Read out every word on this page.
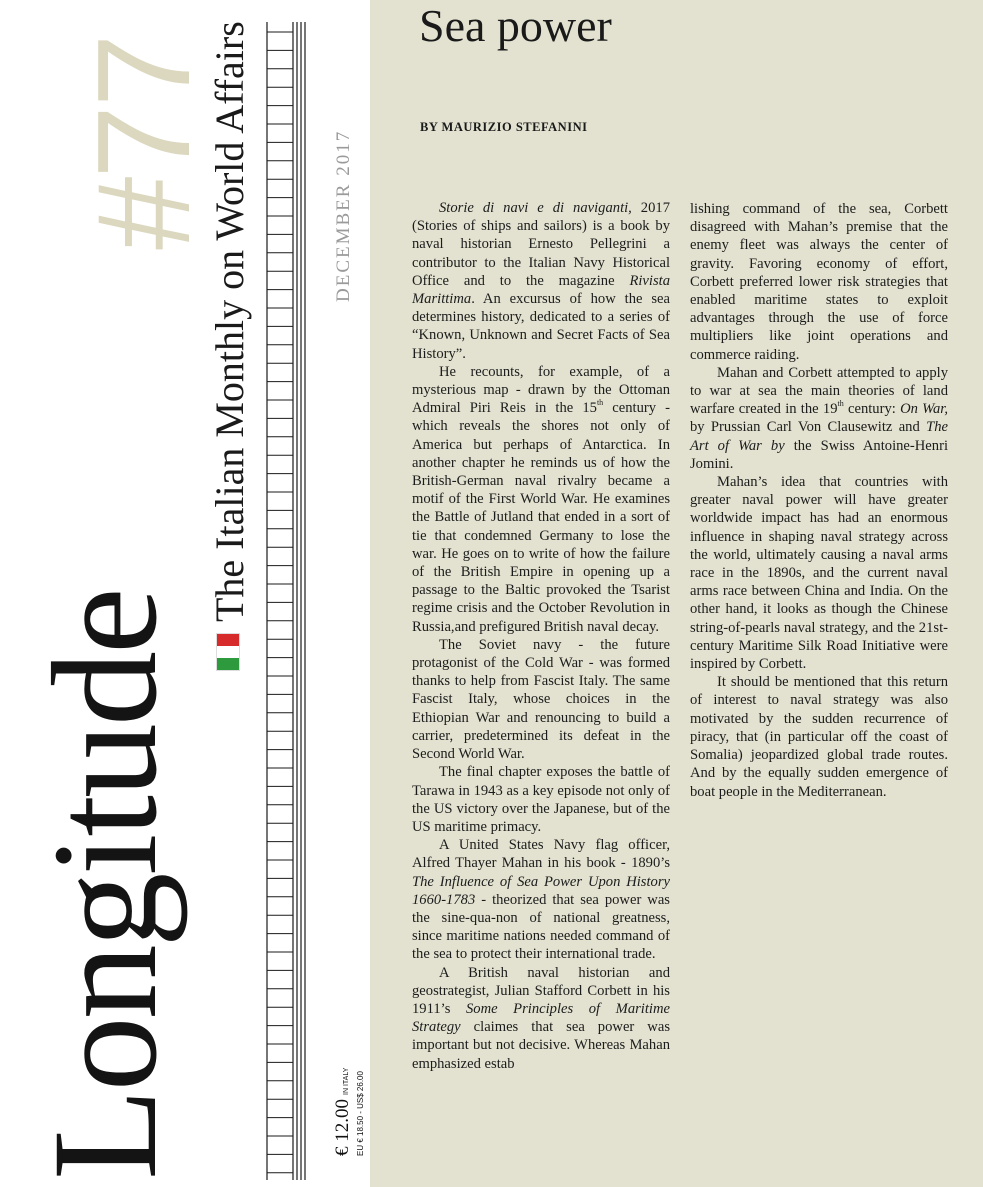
#77
Longitude
The Italian Monthly on World Affairs	DECEMBER 2017
€ 12.00 IN ITALY EU € 18.50 - US$ 26.00
Sea power
BY MAURIZIO STEFANINI

Storie di navi e di naviganti, 2017 (Stories of ships and sailors) is a book by naval historian Ernesto Pellegrini a contributor to the Italian Navy Historical Office and to the magazine Rivista Marittima. An excursus of how the sea determines history, dedicated to a series of “Known, Unknown and Secret Facts of Sea History”.

He recounts, for example, of a mysterious map - drawn by the Ottoman Admiral Piri Reis in the 15th century - which reveals the shores not only of America but perhaps of Antarctica. In another chapter he reminds us of how the British-German naval rivalry became a motif of the First World War. He examines the Battle of Jutland that ended in a sort of tie that condemned Germany to lose the war. He goes on to write of how the failure of the British Empire in opening up a passage to the Baltic provoked the Tsarist regime crisis and the October Revolution in Russia,and prefigured British naval decay.

The Soviet navy - the future protagonist of the Cold War - was formed thanks to help from Fascist Italy. The same Fascist Italy, whose choices in the Ethiopian War and renouncing to build a carrier, predetermined its defeat in the Second World War.

The final chapter exposes the battle of Tarawa in 1943 as a key episode not only of the US victory over the Japanese, but of the US maritime primacy.

A United States Navy flag officer, Alfred Thayer Mahan in his book - 1890’s The Influence of Sea Power Upon History 1660-1783 - theorized that sea power was the sine-qua-non of national greatness, since maritime nations needed command of the sea to protect their international trade.

A British naval historian and geostrategist, Julian Stafford Corbett in his 1911’s Some Principles of Maritime Strategy claimes that sea power was important but not decisive. Whereas Mahan emphasized estab

lishing command of the sea, Corbett disagreed with Mahan’s premise that the enemy fleet was always the center of gravity. Favoring economy of effort, Corbett preferred lower risk strategies that enabled maritime states to exploit advantages through the use of force multipliers like joint operations and commerce raiding.

Mahan and Corbett attempted to apply to war at sea the main theories of land warfare created in the 19th century: On War, by Prussian Carl Von Clausewitz and The Art of War by the Swiss Antoine-Henri Jomini.

Mahan’s idea that countries with greater naval power will have greater worldwide impact has had an enormous influence in shaping naval strategy across the world, ultimately causing a naval arms race in the 1890s, and the current naval arms race between China and India. On the other hand, it looks as though the Chinese string-of-pearls naval strategy, and the 21st-century Maritime Silk Road Initiative were inspired by Corbett.

It should be mentioned that this return of interest to naval strategy was also motivated by the sudden recurrence of piracy, that (in particular off the coast of Somalia) jeopardized global trade routes. And by the equally sudden emergence of boat people in the Mediterranean.
